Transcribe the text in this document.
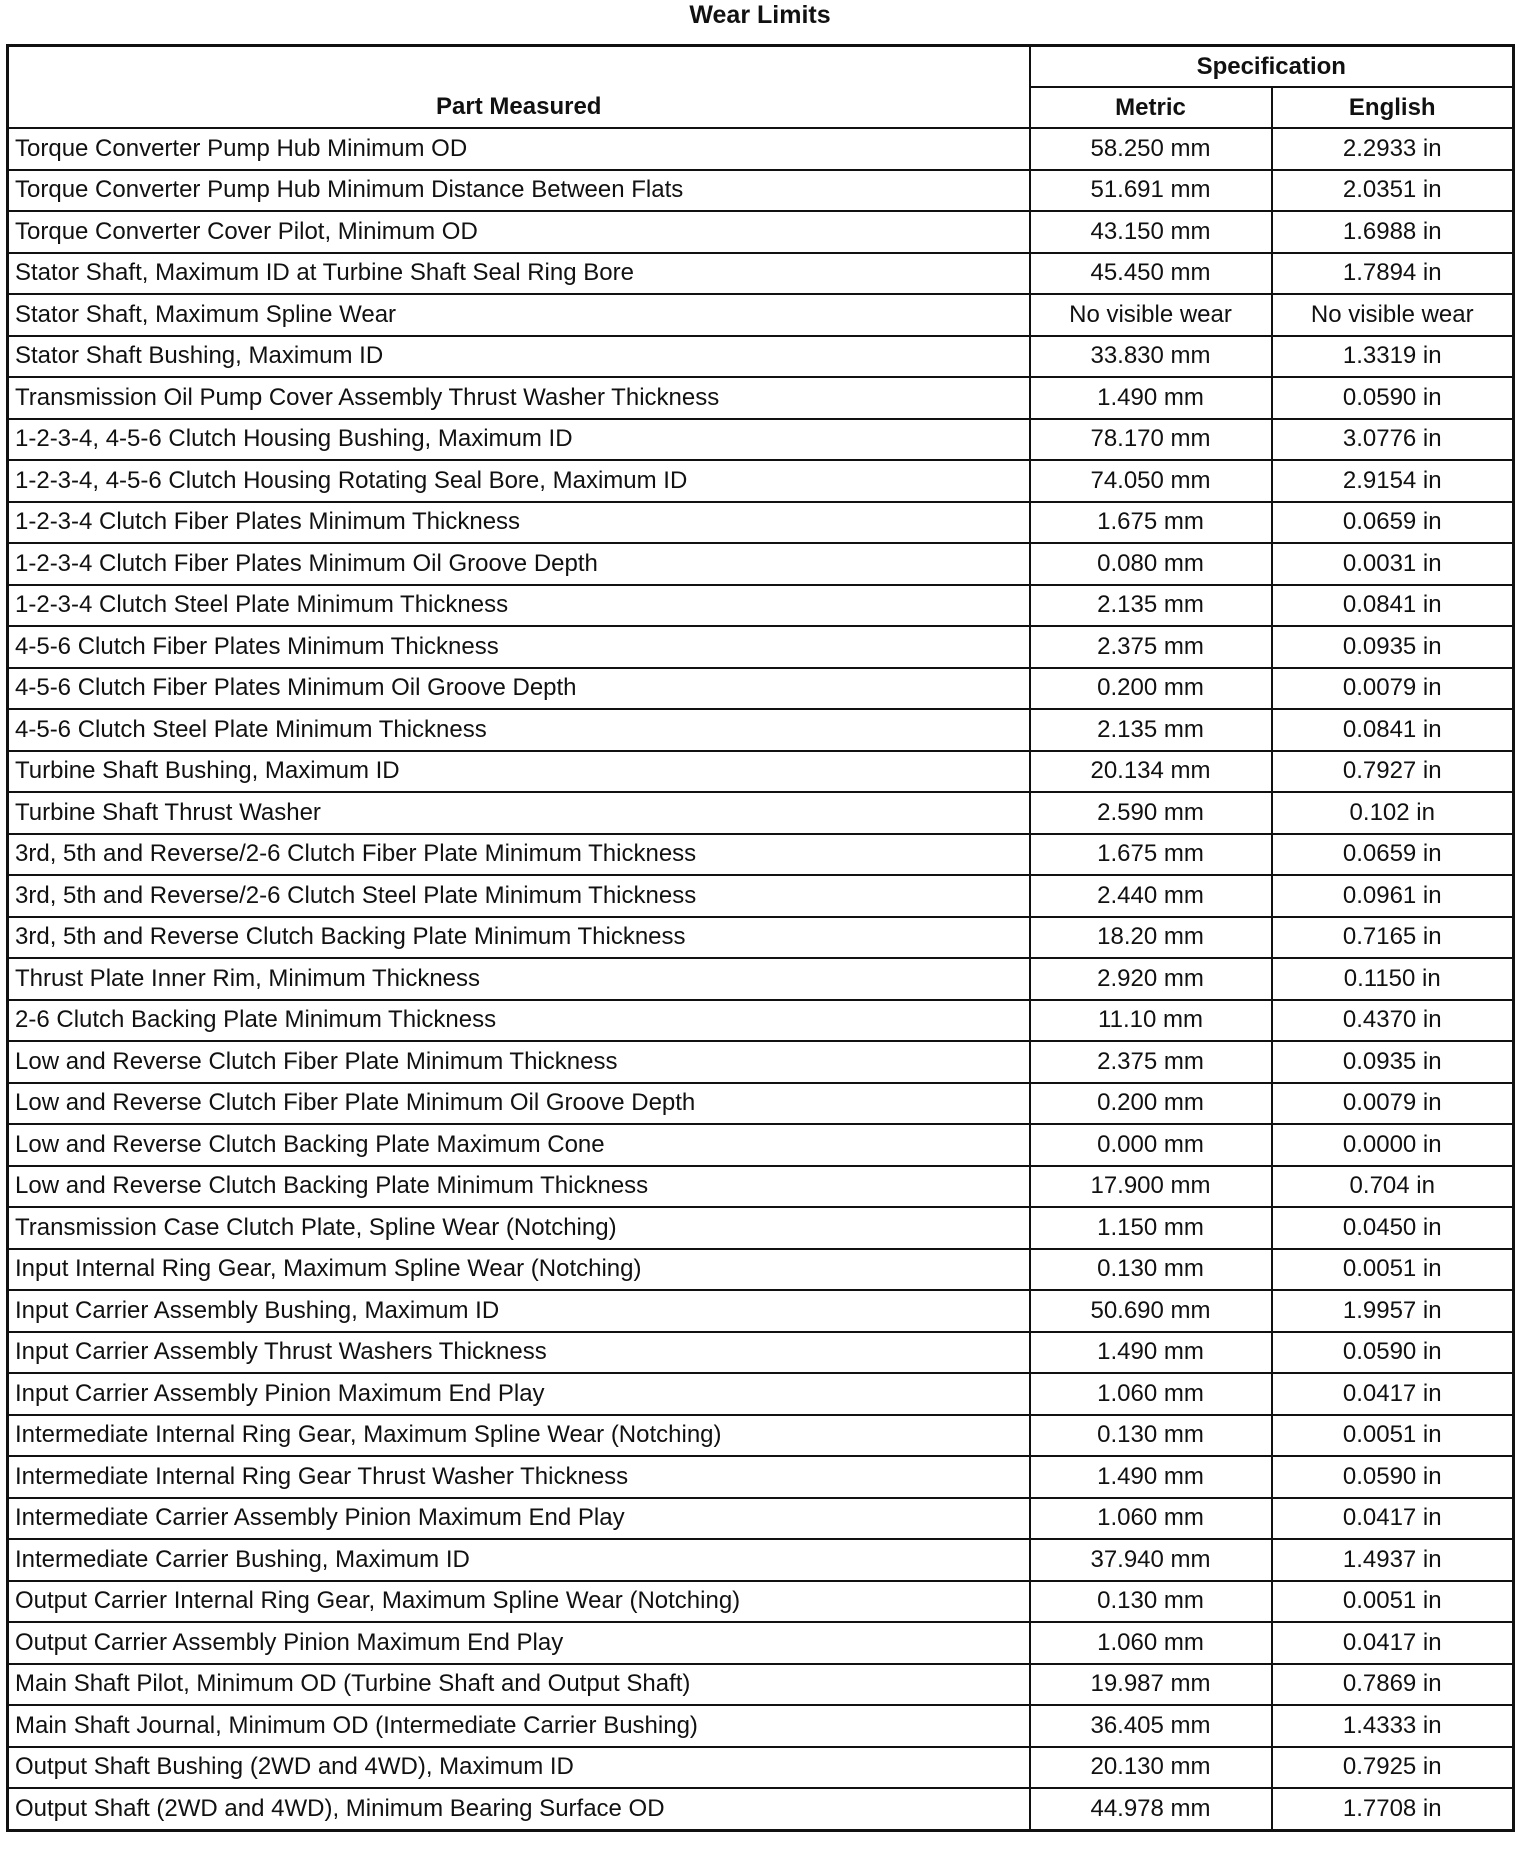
Wear Limits
Part Measured	Specification	
	Metric	English
Torque Converter Pump Hub Minimum OD	58.250 mm	2.2933 in
Torque Converter Pump Hub Minimum Distance Between Flats	51.691 mm	2.0351 in
Torque Converter Cover Pilot, Minimum OD	43.150 mm	1.6988 in
Stator Shaft, Maximum ID at Turbine Shaft Seal Ring Bore	45.450 mm	1.7894 in
Stator Shaft, Maximum Spline Wear	No visible wear	No visible wear
Stator Shaft Bushing, Maximum ID	33.830 mm	1.3319 in
Transmission Oil Pump Cover Assembly Thrust Washer Thickness	1.490 mm	0.0590 in
1-2-3-4, 4-5-6 Clutch Housing Bushing, Maximum ID	78.170 mm	3.0776 in
1-2-3-4, 4-5-6 Clutch Housing Rotating Seal Bore, Maximum ID	74.050 mm	2.9154 in
1-2-3-4 Clutch Fiber Plates Minimum Thickness	1.675 mm	0.0659 in
1-2-3-4 Clutch Fiber Plates Minimum Oil Groove Depth	0.080 mm	0.0031 in
1-2-3-4 Clutch Steel Plate Minimum Thickness	2.135 mm	0.0841 in
4-5-6 Clutch Fiber Plates Minimum Thickness	2.375 mm	0.0935 in
4-5-6 Clutch Fiber Plates Minimum Oil Groove Depth	0.200 mm	0.0079 in
4-5-6 Clutch Steel Plate Minimum Thickness	2.135 mm	0.0841 in
Turbine Shaft Bushing, Maximum ID	20.134 mm	0.7927 in
Turbine Shaft Thrust Washer	2.590 mm	0.102 in
3rd, 5th and Reverse/2-6 Clutch Fiber Plate Minimum Thickness	1.675 mm	0.0659 in
3rd, 5th and Reverse/2-6 Clutch Steel Plate Minimum Thickness	2.440 mm	0.0961 in
3rd, 5th and Reverse Clutch Backing Plate Minimum Thickness	18.20 mm	0.7165 in
Thrust Plate Inner Rim, Minimum Thickness	2.920 mm	0.1150 in
2-6 Clutch Backing Plate Minimum Thickness	11.10 mm	0.4370 in
Low and Reverse Clutch Fiber Plate Minimum Thickness	2.375 mm	0.0935 in
Low and Reverse Clutch Fiber Plate Minimum Oil Groove Depth	0.200 mm	0.0079 in
Low and Reverse Clutch Backing Plate Maximum Cone	0.000 mm	0.0000 in
Low and Reverse Clutch Backing Plate Minimum Thickness	17.900 mm	0.704 in
Transmission Case Clutch Plate, Spline Wear (Notching)	1.150 mm	0.0450 in
Input Internal Ring Gear, Maximum Spline Wear (Notching)	0.130 mm	0.0051 in
Input Carrier Assembly Bushing, Maximum ID	50.690 mm	1.9957 in
Input Carrier Assembly Thrust Washers Thickness	1.490 mm	0.0590 in
Input Carrier Assembly Pinion Maximum End Play	1.060 mm	0.0417 in
Intermediate Internal Ring Gear, Maximum Spline Wear (Notching)	0.130 mm	0.0051 in
Intermediate Internal Ring Gear Thrust Washer Thickness	1.490 mm	0.0590 in
Intermediate Carrier Assembly Pinion Maximum End Play	1.060 mm	0.0417 in
Intermediate Carrier Bushing, Maximum ID	37.940 mm	1.4937 in
Output Carrier Internal Ring Gear, Maximum Spline Wear (Notching)	0.130 mm	0.0051 in
Output Carrier Assembly Pinion Maximum End Play	1.060 mm	0.0417 in
Main Shaft Pilot, Minimum OD (Turbine Shaft and Output Shaft)	19.987 mm	0.7869 in
Main Shaft Journal, Minimum OD (Intermediate Carrier Bushing)	36.405 mm	1.4333 in
Output Shaft Bushing (2WD and 4WD), Maximum ID	20.130 mm	0.7925 in
Output Shaft (2WD and 4WD), Minimum Bearing Surface OD	44.978 mm	1.7708 in
